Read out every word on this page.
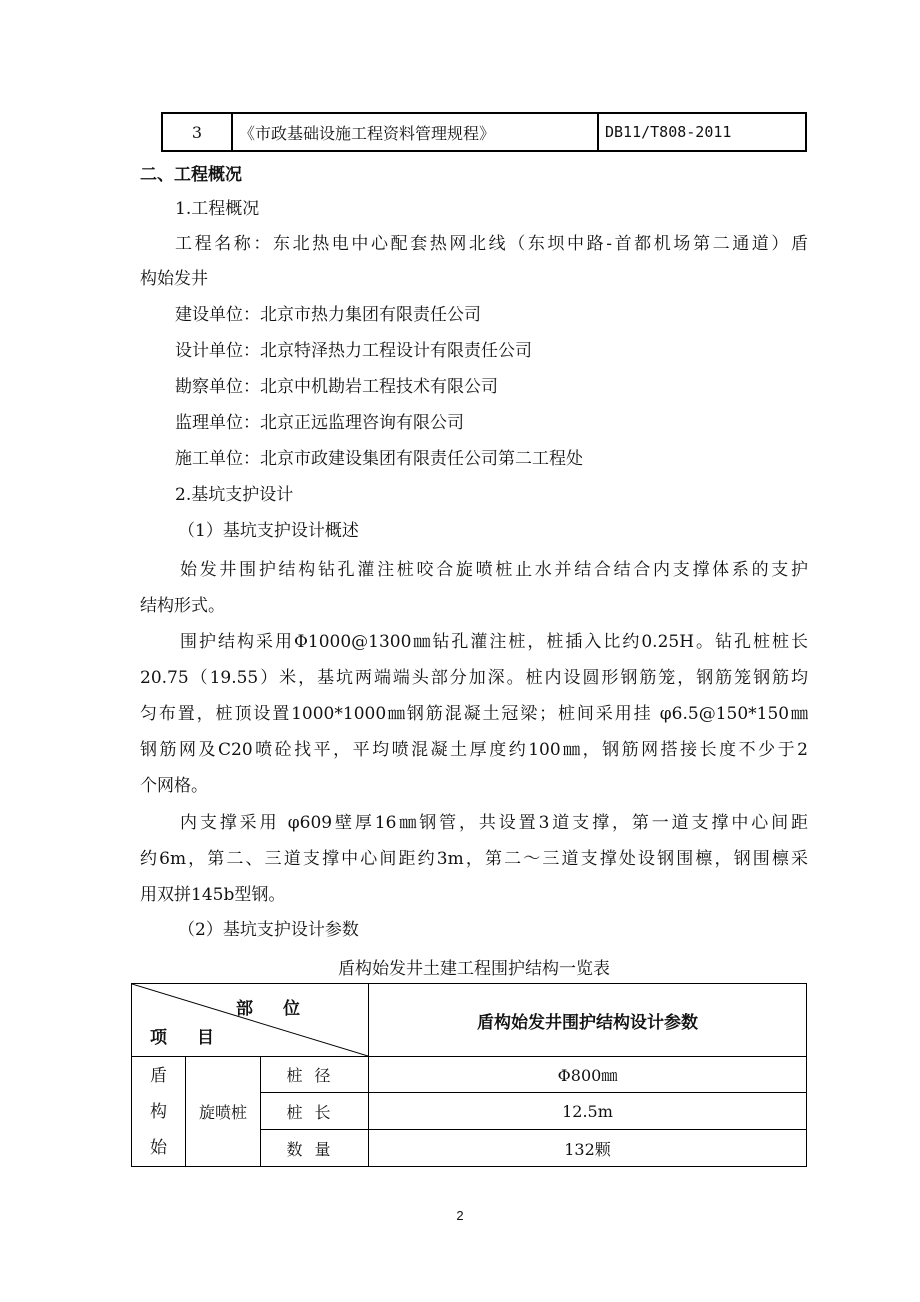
3	《市政基础设施工程资料管理规程》	DB11/T808-2011
二、工程概况
1.工程概况
工程名称：东北热电中心配套热网北线（东坝中路-首都机场第二通道）盾
构始发井
建设单位：北京市热力集团有限责任公司
设计单位：北京特泽热力工程设计有限责任公司
勘察单位：北京中机勘岩工程技术有限公司
监理单位：北京正远监理咨询有限公司
施工单位：北京市政建设集团有限责任公司第二工程处
2.基坑支护设计
（1）基坑支护设计概述
始发井围护结构钻孔灌注桩咬合旋喷桩止水并结合结合内支撑体系的支护
结构形式。
围护结构采用Φ1000@1300㎜钻孔灌注桩，桩插入比约0.25H。钻孔桩桩长
20.75（19.55）米，基坑两端端头部分加深。桩内设圆形钢筋笼，钢筋笼钢筋均
匀布置，桩顶设置1000*1000㎜钢筋混凝土冠梁；桩间采用挂 φ6.5@150*150㎜
钢筋网及C20喷砼找平，平均喷混凝土厚度约100㎜，钢筋网搭接长度不少于2
个网格。
内支撑采用 φ609壁厚16㎜钢管，共设置3道支撑，第一道支撑中心间距
约6m，第二、三道支撑中心间距约3m，第二～三道支撑处设钢围檩，钢围檩采
用双拼145b型钢。
（2）基坑支护设计参数
盾构始发井土建工程围护结构一览表
部位
项目			盾构始发井围护结构设计参数

盾
构
始	旋喷桩	桩径	Φ800㎜
		桩长	12.5m
		数量	132颗
2
